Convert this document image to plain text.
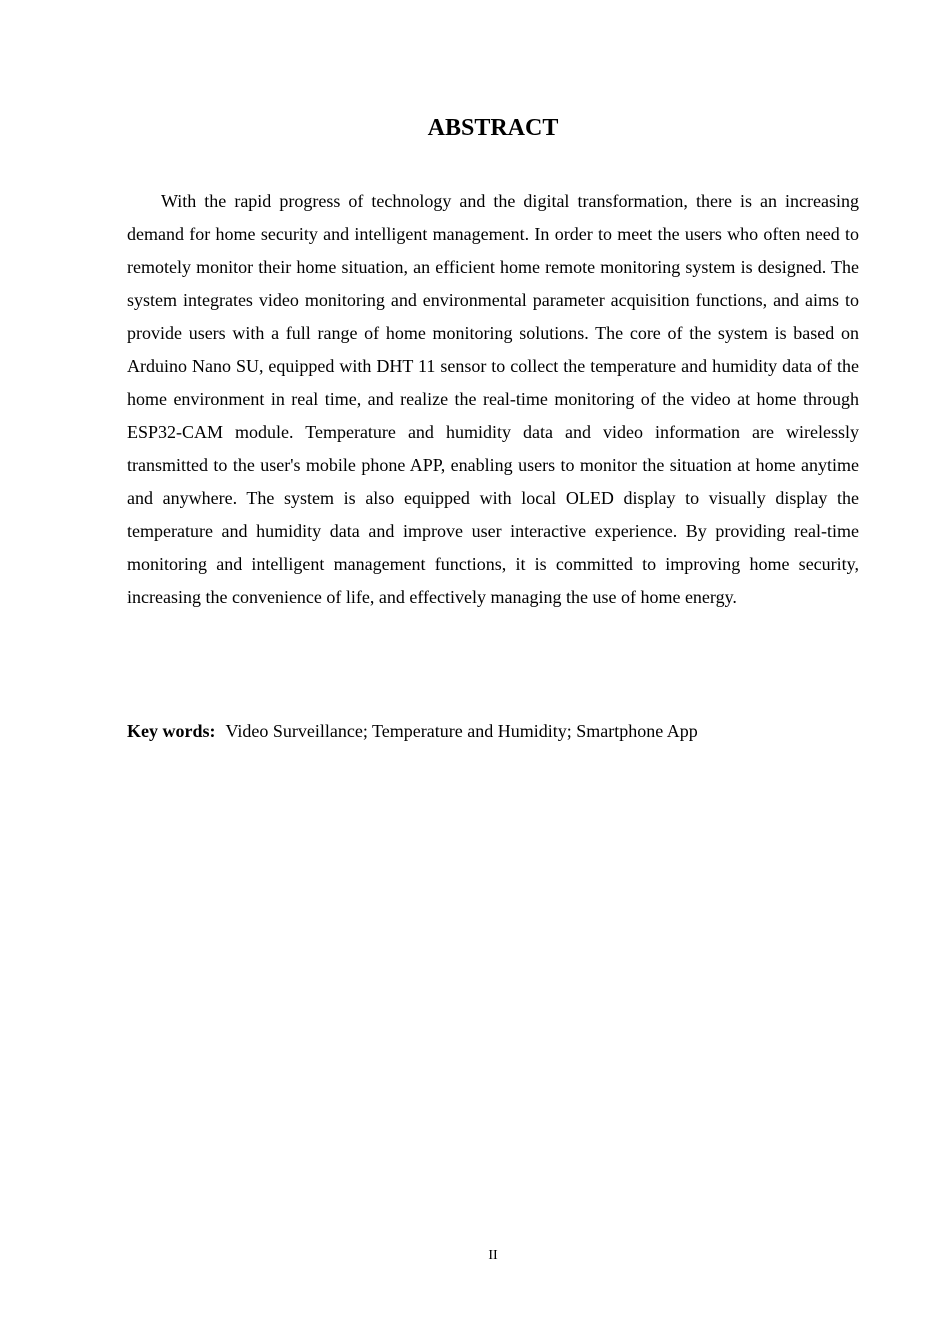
ABSTRACT

With the rapid progress of technology and the digital transformation, there is an increasing demand for home security and intelligent management. In order to meet the users who often need to remotely monitor their home situation, an efficient home remote monitoring system is designed. The system integrates video monitoring and environmental parameter acquisition functions, and aims to provide users with a full range of home monitoring solutions. The core of the system is based on Arduino Nano SU, equipped with DHT 11 sensor to collect the temperature and humidity data of the home environment in real time, and realize the real-time monitoring of the video at home through ESP32-CAM module. Temperature and humidity data and video information are wirelessly transmitted to the user's mobile phone APP, enabling users to monitor the situation at home anytime and anywhere. The system is also equipped with local OLED display to visually display the temperature and humidity data and improve user interactive experience. By providing real-time monitoring and intelligent management functions, it is committed to improving home security, increasing the convenience of life, and effectively managing the use of home energy.

Key words: Video Surveillance; Temperature and Humidity; Smartphone App

II
